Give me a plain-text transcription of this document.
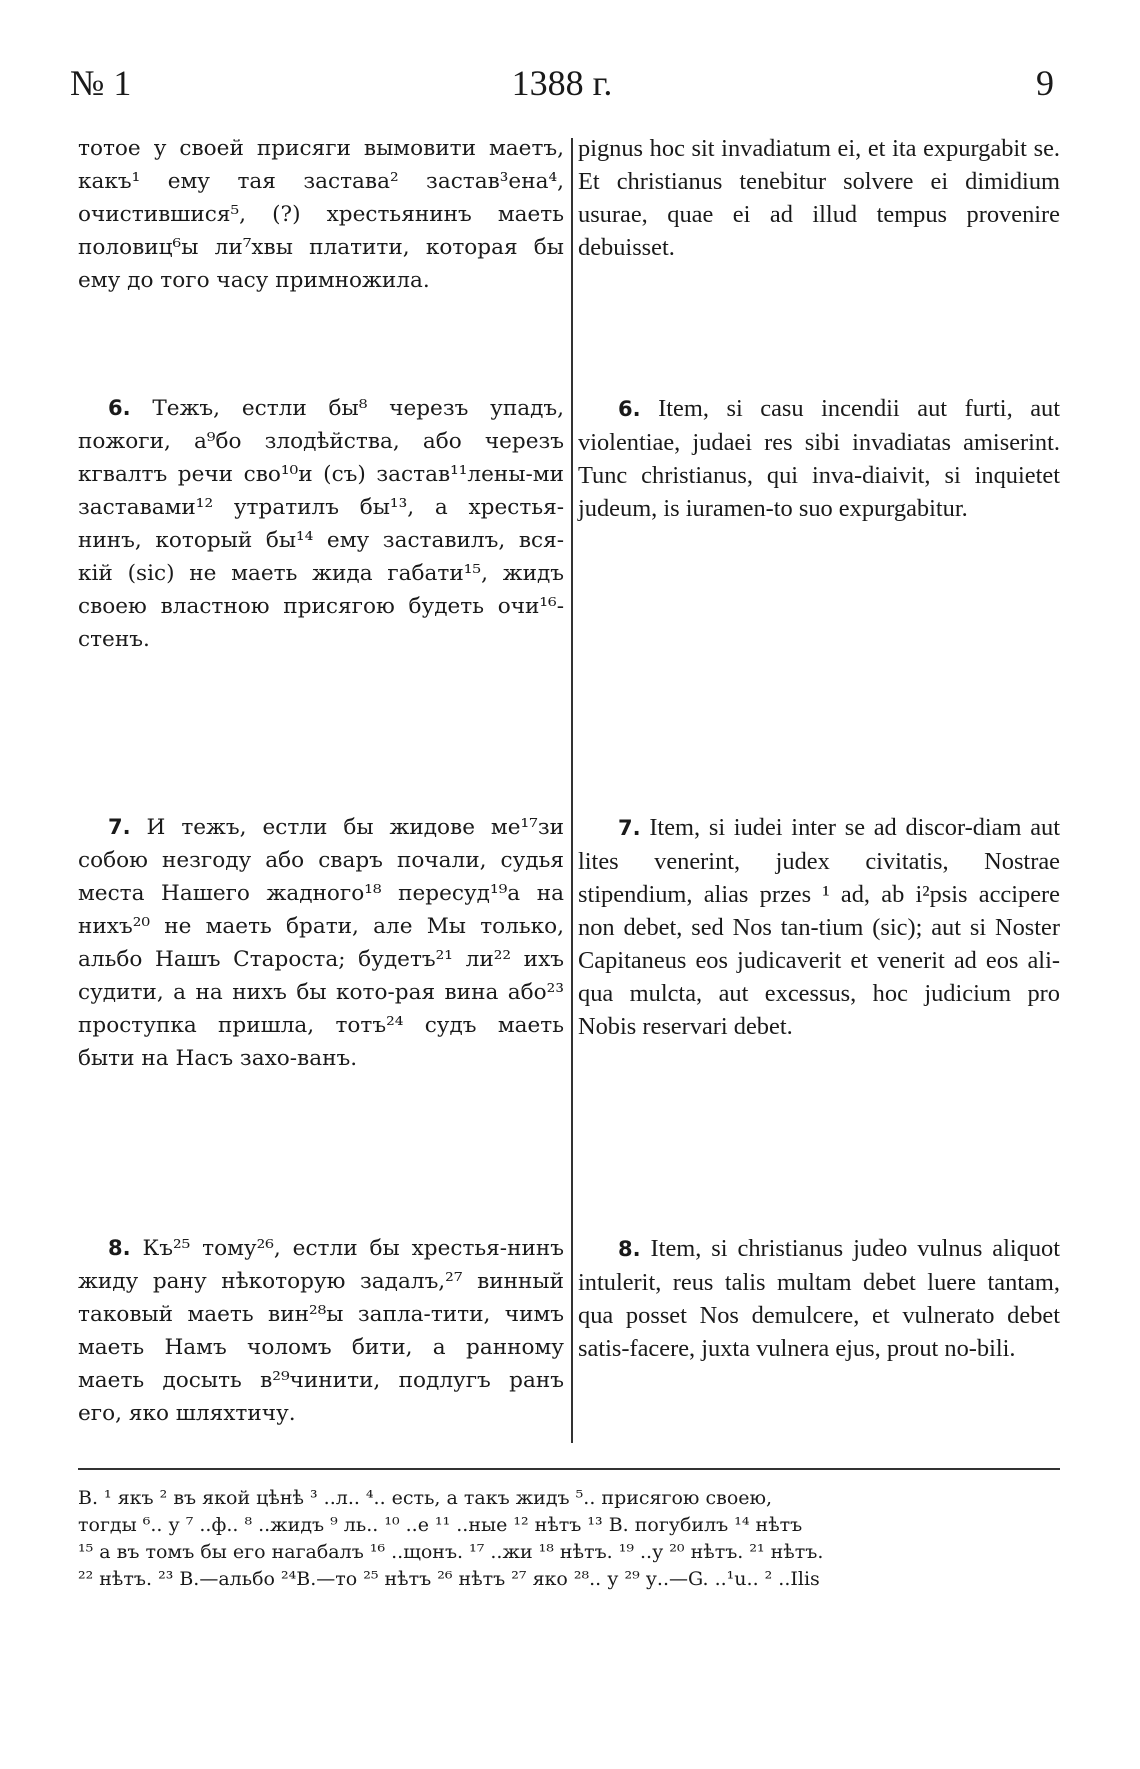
№ 1	1388 г.	9
тотое у своей присяги вымовити маетъ, какъ¹ ему тая застава² застав³ена⁴, очистившися⁵, (?) хрестьянинъ маеть половиц⁶ы ли⁷хвы платити, которая бы ему до того часу примножила.
pignus hoc sit invadiatum ei, et ita expurgabit se. Et christianus tenebitur solvere ei dimidium usurae, quae ei ad illud tempus provenire debuisset.
6. Тежъ, естли бы⁸ черезъ упадъ, пожоги, а⁹бо злодѣйства, або черезъ кгвалтъ речи сво¹⁰и (съ) застав¹¹лены-ми заставами¹² утратилъ бы¹³, а хрестья-нинъ, который бы¹⁴ ему заставилъ, вся-кій (sic) не маеть жида габати¹⁵, жидъ своею властною присягою будеть очи¹⁶-стенъ.
6. Item, si casu incendii aut furti, aut violentiae, judaei res sibi invadiatas amiserint. Tunc christianus, qui inva-diaivit, si inquietet judeum, is iuramen-to suo expurgabitur.
7. И тежъ, естли бы жидове ме¹⁷зи собою незгоду або сваръ почали, судья места Нашего жадного¹⁸ пересуд¹⁹а на нихъ²⁰ не маеть брати, але Мы только, альбо Нашъ Староста; будетъ²¹ ли²² ихъ судити, а на нихъ бы кото-рая вина або²³ проступка пришла, тотъ²⁴ судъ маеть быти на Насъ захо-ванъ.
7. Item, si iudei inter se ad discor-diam aut lites venerint, judex civitatis, Nostrae stipendium, alias przes ¹ ad, ab i²psis accipere non debet, sed Nos tan-tium (sic); aut si Noster Capitaneus eos judicaverit et venerit ad eos ali-qua mulcta, aut excessus, hoc judicium pro Nobis reservari debet.
8. Къ²⁵ тому²⁶, естли бы хрестья-нинъ жиду рану нѣкоторую задалъ,²⁷ винный таковый маеть вин²⁸ы запла-тити, чимъ маеть Намъ чоломъ бити, а ранному маеть досыть в²⁹чинити, подлугъ ранъ его, яко шляхтичу.
8. Item, si christianus judeo vulnus aliquot intulerit, reus talis multam debet luere tantam, qua posset Nos demulcere, et vulnerato debet satis-facere, juxta vulnera ejus, prout no-bili.
В. ¹ якъ ² въ якой цѣнѣ ³ ..л.. ⁴.. есть, а такъ жидъ ⁵.. присягою своею,
тогды ⁶.. у ⁷ ..ф.. ⁸ ..жидъ ⁹ ль.. ¹⁰ ..е ¹¹ ..ные ¹² нѣтъ ¹³ В. погубилъ ¹⁴ нѣтъ
¹⁵ а въ томъ бы его нагабалъ ¹⁶ ..щонъ. ¹⁷ ..жи ¹⁸ нѣтъ. ¹⁹ ..у ²⁰ нѣтъ. ²¹ нѣтъ.
²² нѣтъ. ²³ В.—альбо ²⁴В.—то ²⁵ нѣтъ ²⁶ нѣтъ ²⁷ яко ²⁸.. у ²⁹ у..—G. ..¹u.. ² ..Ilis
